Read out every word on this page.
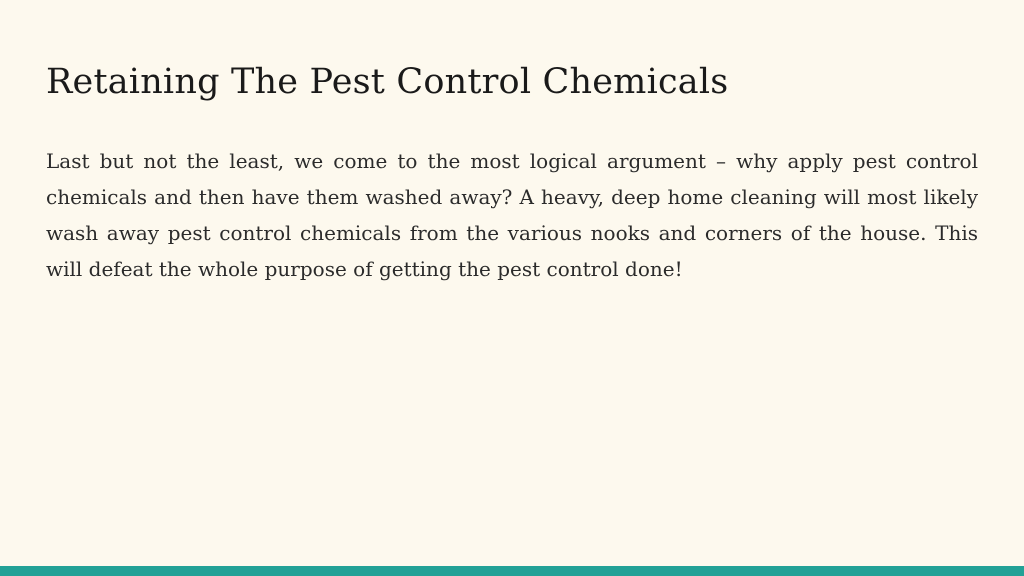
Retaining The Pest Control Chemicals

Last but not the least, we come to the most logical argument – why apply pest control chemicals and then have them washed away? A heavy, deep home cleaning will most likely wash away pest control chemicals from the various nooks and corners of the house. This will defeat the whole purpose of getting the pest control done!
